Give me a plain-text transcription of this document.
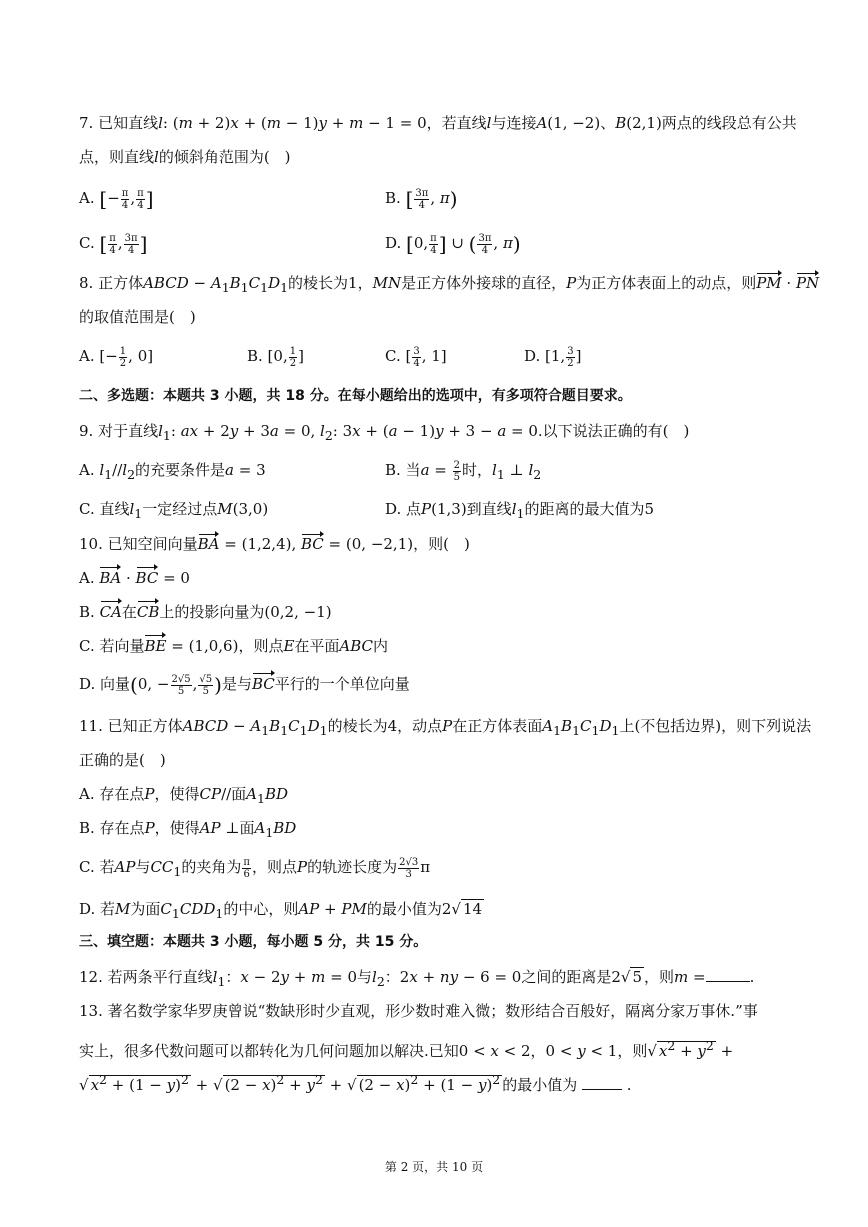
7. 已知直线l: (m + 2)x + (m − 1)y + m − 1 = 0，若直线l与连接A(1, −2)、B(2,1)两点的线段总有公共
点，则直线l的倾斜角范围为(　)
A. [− $\frac{\pi}{4}$ , $\frac{\pi}{4}$ ]	B. [ $\frac{3\pi}{4}$ , π)
C. [ $\frac{\pi}{4}$ , $\frac{3\pi}{4}$ ]	D. [0, $\frac{\pi}{4}$ ] ∪ ( $\frac{3\pi}{4}$ , π)
8. 正方体ABCD − $A_1B_1C_1D_1$的棱长为1，MN是正方体外接球的直径，P为正方体表面上的动点，则PM · PN
的取值范围是(　)
A. [− $\frac{1}{2}$ , 0]	B. [0, $\frac{1}{2}$ ]	C. [ $\frac{3}{4}$ , 1]	D. [1, $\frac{3}{2}$ ]
二、多选题：本题共 3 小题，共 18 分。在每小题给出的选项中，有多项符合题目要求。
9. 对于直线$l_1$: ax + 2y + 3a = 0, $l_2$: 3x + (a − 1)y + 3 − a = 0.以下说法正确的有(　)
A. $l_1//l_2$的充要条件是a = 3	B. 当$a = \frac{2}{5}$ 时，$l_1$ ⊥ $l_2$
C. 直线$l_1$一定经过点M(3,0)	D. 点P(1,3)到直线$l_1$的距离的最大值为5
10. 已知空间向量BA = (1,2,4), BC = (0, −2,1)，则(　)
A. BA · BC = 0
B. CA在CB上的投影向量为(0,2, −1)
C. 若向量BE = (1,0,6)，则点E在平面ABC内
D. 向量(0, − $\frac{2√5}{5}$ , $\frac{√5}{5}$ )是与BC平行的一个单位向量
11. 已知正方体ABCD − $A_1B_1C_1D_1$的棱长为4，动点P在正方体表面$A_1B_1C_1D_1$上(不包括边界)，则下列说法
正确的是(　)
A. 存在点P，使得CP//面$A_1BD$
B. 存在点P，使得AP ⊥面$A_1BD$
C. 若AP与$CC_1$的夹角为 $\frac{\pi}{6}$ ，则点P的轨迹长度为 $\frac{2√3}{3}$ π
D. 若M为面$C_1CDD_1$的中心，则AP + PM的最小值为2√ 14
三、填空题：本题共 3 小题，每小题 5 分，共 15 分。
12. 若两条平行直线$l_1$：x − 2y + m = 0与$l_2$：2x + ny − 6 = 0之间的距离是2√ 5 ，则m =	.
13. 著名数学家华罗庚曾说“数缺形时少直观，形少数时难入微；数形结合百般好，隔离分家万事休.”事
实上，很多代数问题可以都转化为几何问题加以解决.已知0 < x < 2，0 < y < 1，则√ $x^2 + y^2$ +
√ $x^2 + (1 - y)^2$ + √ $(2 - x)^2 + y^2$ + √ $(2 - x)^2 + (1 - y)^2$ 的最小值为	.
第 2 页，共 10 页
